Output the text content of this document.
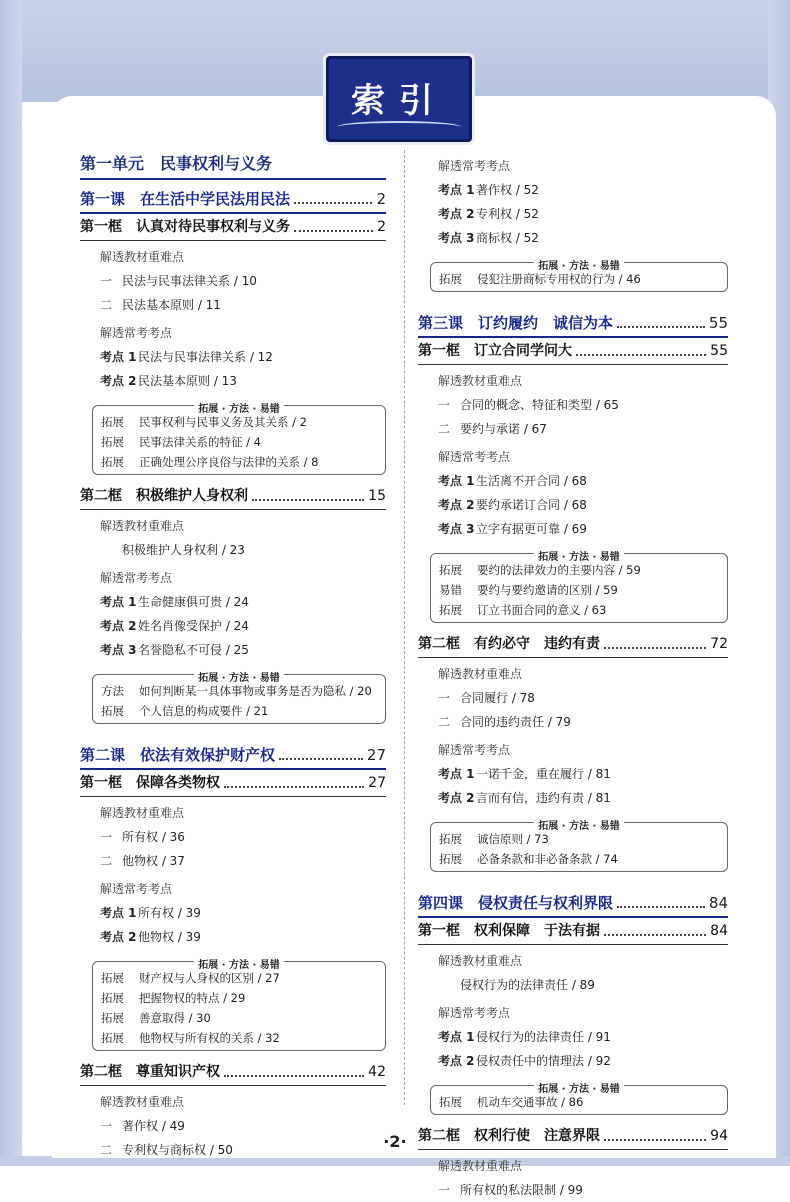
索引
第一单元　民事权利与义务
第一课　在生活中学民法用民法	2
第一框　认真对待民事权利与义务	2
解透教材重难点
一 民法与民事法律关系 / 10
二 民法基本原则 / 11
解透常考考点
考点 1民法与民事法律关系 / 12
考点 2民法基本原则 / 13
拓展 · 方法 · 易错
拓展 民事权利与民事义务及其关系 / 2
拓展 民事法律关系的特征 / 4
拓展 正确处理公序良俗与法律的关系 / 8
第二框　积极维护人身权利	15
解透教材重难点
积极维护人身权利 / 23
解透常考考点
考点 1生命健康俱可贵 / 24
考点 2姓名肖像受保护 / 24
考点 3名誉隐私不可侵 / 25
拓展 · 方法 · 易错
方法 如何判断某一具体事物或事务是否为隐私 / 20
拓展 个人信息的构成要件 / 21
第二课　依法有效保护财产权	27
第一框　保障各类物权	27
解透教材重难点
一 所有权 / 36
二 他物权 / 37
解透常考考点
考点 1所有权 / 39
考点 2他物权 / 39
拓展 · 方法 · 易错
拓展 财产权与人身权的区别 / 27
拓展 把握物权的特点 / 29
拓展 善意取得 / 30
拓展 他物权与所有权的关系 / 32
第二框　尊重知识产权	42
解透教材重难点
一 著作权 / 49
二 专利权与商标权 / 50
解透常考考点
考点 1著作权 / 52
考点 2专利权 / 52
考点 3商标权 / 52
拓展 · 方法 · 易错
拓展 侵犯注册商标专用权的行为 / 46
第三课　订约履约　诚信为本	55
第一框　订立合同学问大	55
解透教材重难点
一 合同的概念、特征和类型 / 65
二 要约与承诺 / 67
解透常考考点
考点 1生活离不开合同 / 68
考点 2要约承诺订合同 / 68
考点 3立字有据更可靠 / 69
拓展 · 方法 · 易错
拓展 要约的法律效力的主要内容 / 59
易错 要约与要约邀请的区别 / 59
拓展 订立书面合同的意义 / 63
第二框　有约必守　违约有责	72
解透教材重难点
一 合同履行 / 78
二 合同的违约责任 / 79
解透常考考点
考点 1一诺千金，重在履行 / 81
考点 2言而有信，违约有责 / 81
拓展 · 方法 · 易错
拓展 诚信原则 / 73
拓展 必备条款和非必备条款 / 74
第四课　侵权责任与权利界限	84
第一框　权利保障　于法有据	84
解透教材重难点
侵权行为的法律责任 / 89
解透常考考点
考点 1侵权行为的法律责任 / 91
考点 2侵权责任中的情理法 / 92
拓展 · 方法 · 易错
拓展 机动车交通事故 / 86
第二框　权利行使　注意界限	94
解透教材重难点
一 所有权的私法限制 / 99
·2·
